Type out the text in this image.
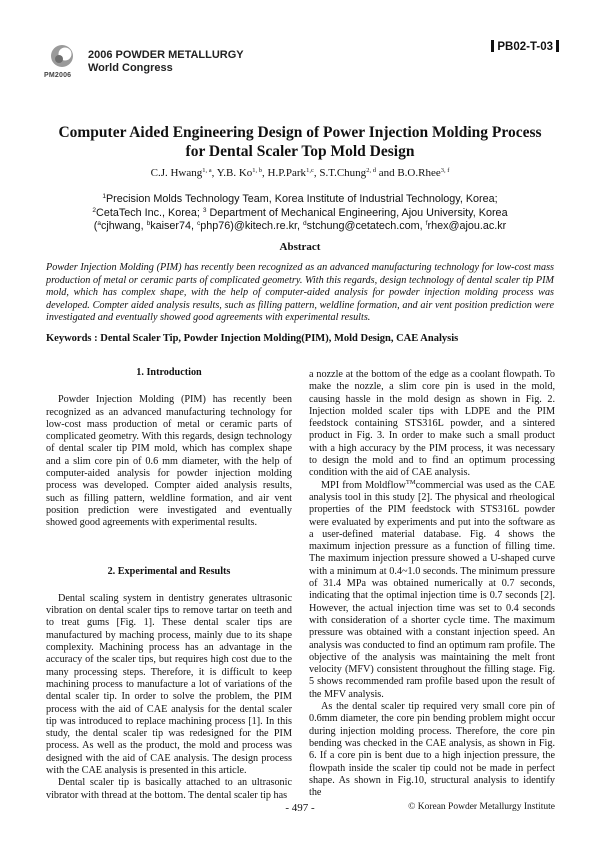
PM2006
2006 POWDER METALLURGY
World Congress
PB02-T-03
Computer Aided Engineering Design of Power Injection Molding Process
for Dental Scaler Top Mold Design
C.J. Hwang$^{1, a}$, Y.B. Ko$^{1, b}$, H.P.Park$^{1,c}$, S.T.Chung$^{2, d}$ and B.O.Rhee$^{3, f}$
$^1$Precision Molds Technology Team, Korea Institute of Industrial Technology, Korea;
$^2$CetaTech Inc., Korea; $^3$ Department of Mechanical Engineering, Ajou University, Korea
($^a$cjhwang, $^b$kaiser74, $^c$php76)@kitech.re.kr, $^d$stchung@cetatech.com, $^f$rhex@ajou.ac.kr
Abstract
Powder Injection Molding (PIM) has recently been recognized as an advanced manufacturing technology for low-cost mass production of metal or ceramic parts of complicated geometry. With this regards, design technology of dental scaler tip PIM mold, which has complex shape, with the help of computer-aided analysis for powder injection molding process was developed. Compter aided analysis results, such as filling pattern, weldline formation, and air vent position prediction were investigated and eventually showed good agreements with experimental results.
Keywords : Dental Scaler Tip, Powder Injection Molding(PIM), Mold Design, CAE Analysis
1. Introduction

Powder Injection Molding (PIM) has recently been recognized as an advanced manufacturing technology for low-cost mass production of metal or ceramic parts of complicated geometry. With this regards, design technology of dental scaler tip PIM mold, which has complex shape and a slim core pin of 0.6 mm diameter, with the help of computer-aided analysis for powder injection molding process was developed. Compter aided analysis results, such as filling pattern, weldline formation, and air vent position prediction were investigated and eventually showed good agreements with experimental results.

2. Experimental and Results

Dental scaling system in dentistry generates ultrasonic vibration on dental scaler tips to remove tartar on teeth and to treat gums [Fig. 1]. These dental scaler tips are manufactured by maching process, mainly due to its shape complexity. Machining process has an advantage in the accuracy of the scaler tips, but requires high cost due to the many processing steps. Therefore, it is difficult to keep machining process to manufacture a lot of variations of the dental scaler tip. In order to solve the problem, the PIM process with the aid of CAE analysis for the dental scaler tip was introduced to replace machining process [1]. In this study, the dental scaler tip was redesigned for the PIM process. As well as the product, the mold and process was designed with the aid of CAE analysis. The design process with the CAE analysis is presented in this article.

Dental scaler tip is basically attached to an ultrasonic vibrator with thread at the bottom. The dental scaler tip has

a nozzle at the bottom of the edge as a coolant flowpath. To make the nozzle, a slim core pin is used in the mold, causing hassle in the mold design as shown in Fig. 2. Injection molded scaler tips with LDPE and the PIM feedstock containing STS316L powder, and a sintered product in Fig. 3. In order to make such a small product with a high accuracy by the PIM process, it was necessary to design the mold and to find an optimum processing condition with the aid of CAE analysis.

MPI from Moldflow™commercial was used as the CAE analysis tool in this study [2]. The physical and rheological properties of the PIM feedstock with STS316L powder were evaluated by experiments and put into the software as a user-defined material database. Fig. 4 shows the maximum injection pressure as a function of filling time. The maximum injection pressure showed a U-shaped curve with a minimum at 0.4~1.0 seconds. The minimum pressure of 31.4 MPa was obtained numerically at 0.7 seconds, indicating that the optimal injection time is 0.7 seconds [2]. However, the actual injection time was set to 0.4 seconds with consideration of a shorter cycle time. The maximum pressure was obtained with a constant injection speed. An analysis was conducted to find an optimum ram profile. The objective of the analysis was maintaining the melt front velocity (MFV) consistent throughout the filling stage. Fig. 5 shows recommended ram profile based upon the result of the MFV analysis.

As the dental scaler tip required very small core pin of 0.6mm diameter, the core pin bending problem might occur during injection molding process. Therefore, the core pin bending was checked in the CAE analysis, as shown in Fig. 6. If a core pin is bent due to a high injection pressure, the flowpath inside the scaler tip could not be made in perfect shape. As shown in Fig.10, structural analysis to identify the

- 497 -	© Korean Powder Metallurgy Institute
